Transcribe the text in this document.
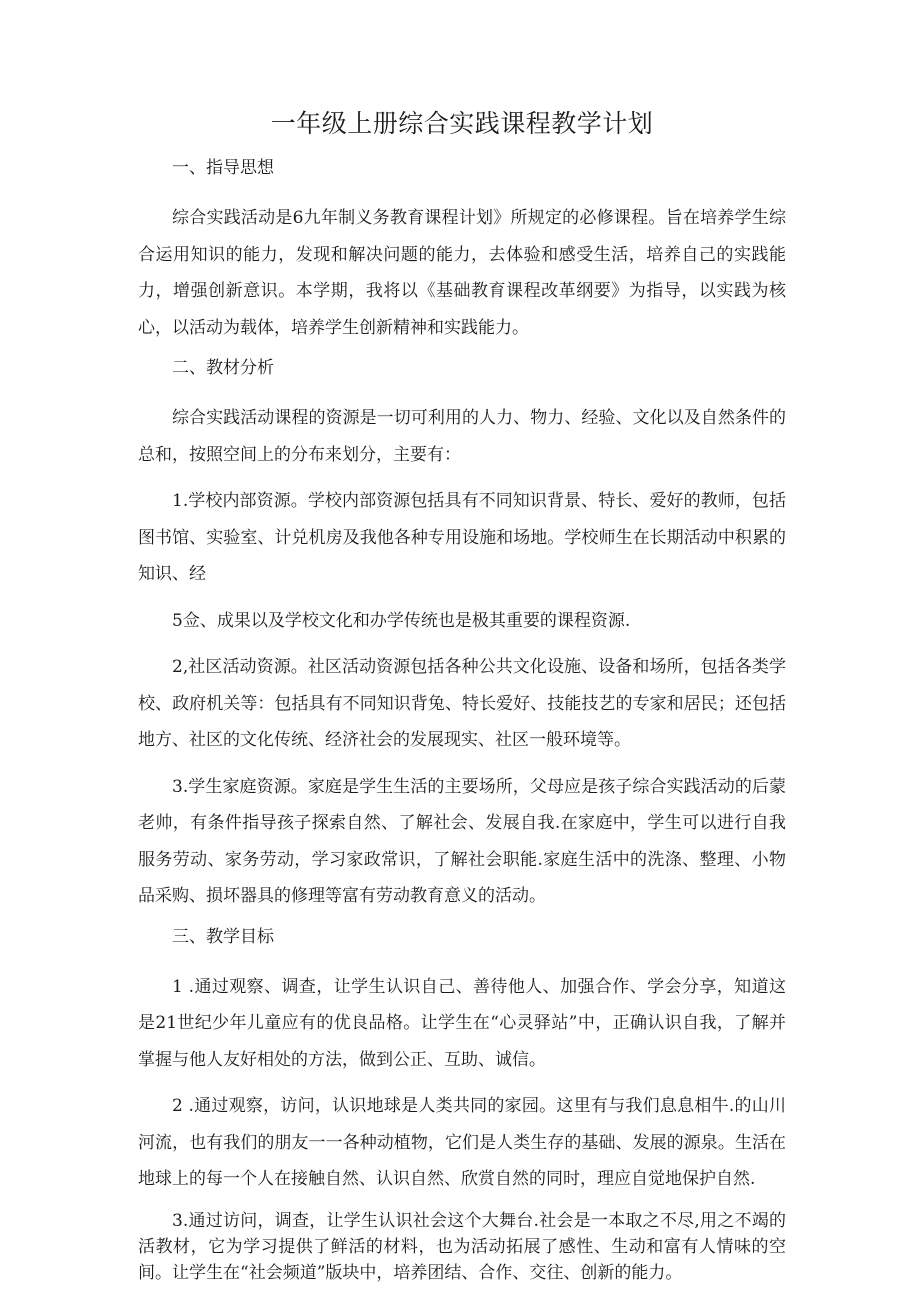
一年级上册综合实践课程教学计划

一、指导思想

综合实践活动是6九年制义务教育课程计划》所规定的必修课程。旨在培养学生综合运用知识的能力，发现和解决问题的能力，去体验和感受生活，培养自己的实践能力，增强创新意识。本学期，我将以《基础教育课程改革纲要》为指导，以实践为核心，以活动为载体，培养学生创新精神和实践能力。

二、教材分析

综合实践活动课程的资源是一切可利用的人力、物力、经验、文化以及自然条件的总和，按照空间上的分布来划分，主要有：

1.学校内部资源。学校内部资源包括具有不同知识背景、特长、爱好的教师，包括图书馆、实验室、计兑机房及我他各种专用设施和场地。学校师生在长期活动中积累的知识、经

5佥、成果以及学校文化和办学传统也是极其重要的课程资源.

2,社区活动资源。社区活动资源包括各种公共文化设施、设备和场所，包括各类学校、政府机关等：包括具有不同知识背兔、特长爱好、技能技艺的专家和居民；还包括地方、社区的文化传统、经济社会的发展现实、社区一般环境等。

3.学生家庭资源。家庭是学生生活的主要场所，父母应是孩子综合实践活动的后蒙老帅，有条件指导孩子探索自然、了解社会、发展自我.在家庭中，学生可以进行自我服务劳动、家务劳动，学习家政常识，了解社会职能.家庭生活中的洗涤、整理、小物品采购、损坏器具的修理等富有劳动教育意义的活动。

三、教学目标

1 .通过观察、调查，让学生认识自己、善待他人、加强合作、学会分享，知道这是21世纪少年儿童应有的优良品格。让学生在“心灵驿站”中，正确认识自我，了解并掌握与他人友好相处的方法，做到公正、互助、诚信。

2 .通过观察，访问，认识地球是人类共同的家园。这里有与我们息息相牛.的山川河流，也有我们的朋友一一各种动植物，它们是人类生存的基础、发展的源泉。生活在地球上的每一个人在接触自然、认识自然、欣赏自然的同时，理应自觉地保护自然.

3.通过访问，调查，让学生认识社会这个大舞台.社会是一本取之不尽,用之不竭的活教材，它为学习提供了鲜活的材料，也为活动拓展了感性、生动和富有人情味的空间。让学生在“社会频道”版块中，培养团结、合作、交往、创新的能力。
